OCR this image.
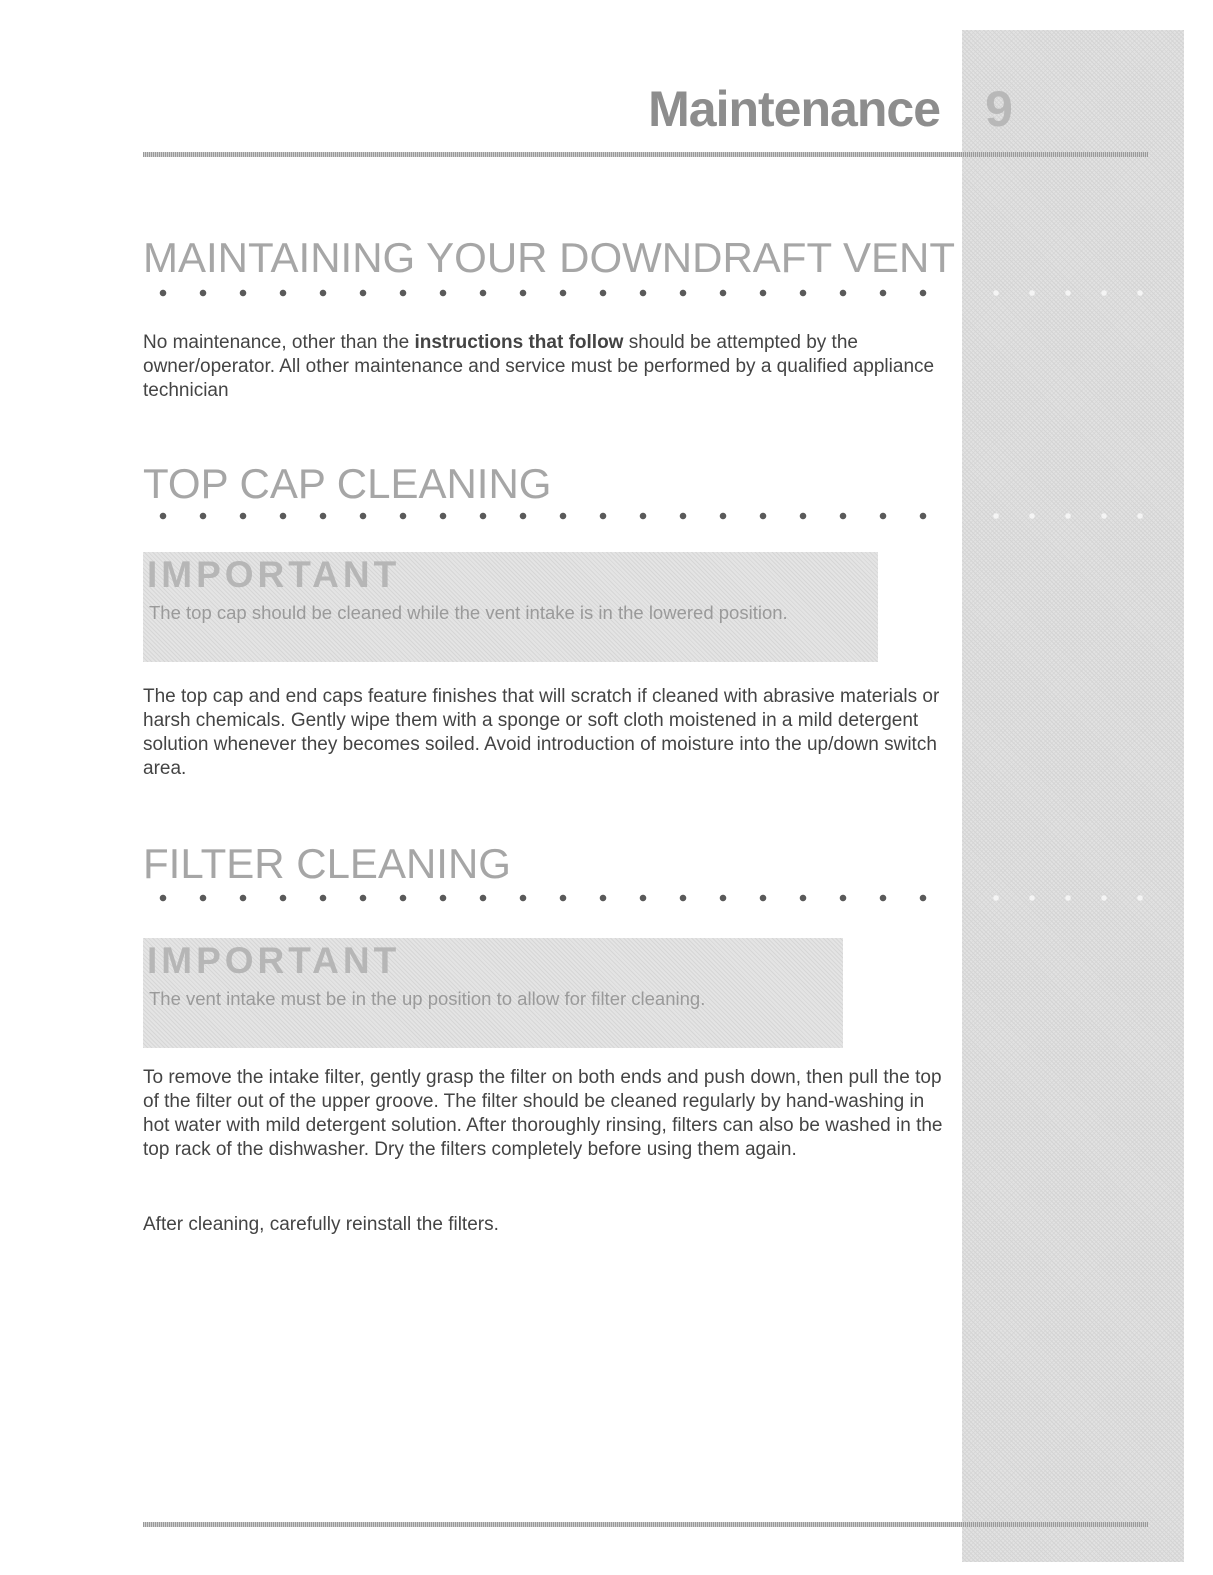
Maintenance 9
MAINTAINING YOUR DOWNDRAFT VENT

No maintenance, other than the instructions that follow should be attempted by the owner/operator. All other maintenance and service must be performed by a qualified appliance technician

TOP CAP CLEANING
IMPORTANT
The top cap should be cleaned while the vent intake is in the lowered position.

The top cap and end caps feature finishes that will scratch if cleaned with abrasive materials or harsh chemicals. Gently wipe them with a sponge or soft cloth moistened in a mild detergent solution whenever they becomes soiled. Avoid introduction of moisture into the up/down switch area.

FILTER CLEANING
IMPORTANT
The vent intake must be in the up position to allow for filter cleaning.

To remove the intake filter, gently grasp the filter on both ends and push down, then pull the top of the filter out of the upper groove. The filter should be cleaned regularly by hand-washing in hot water with mild detergent solution. After thoroughly rinsing, filters can also be washed in the top rack of the dishwasher. Dry the filters completely before using them again.

After cleaning, carefully reinstall the filters.
